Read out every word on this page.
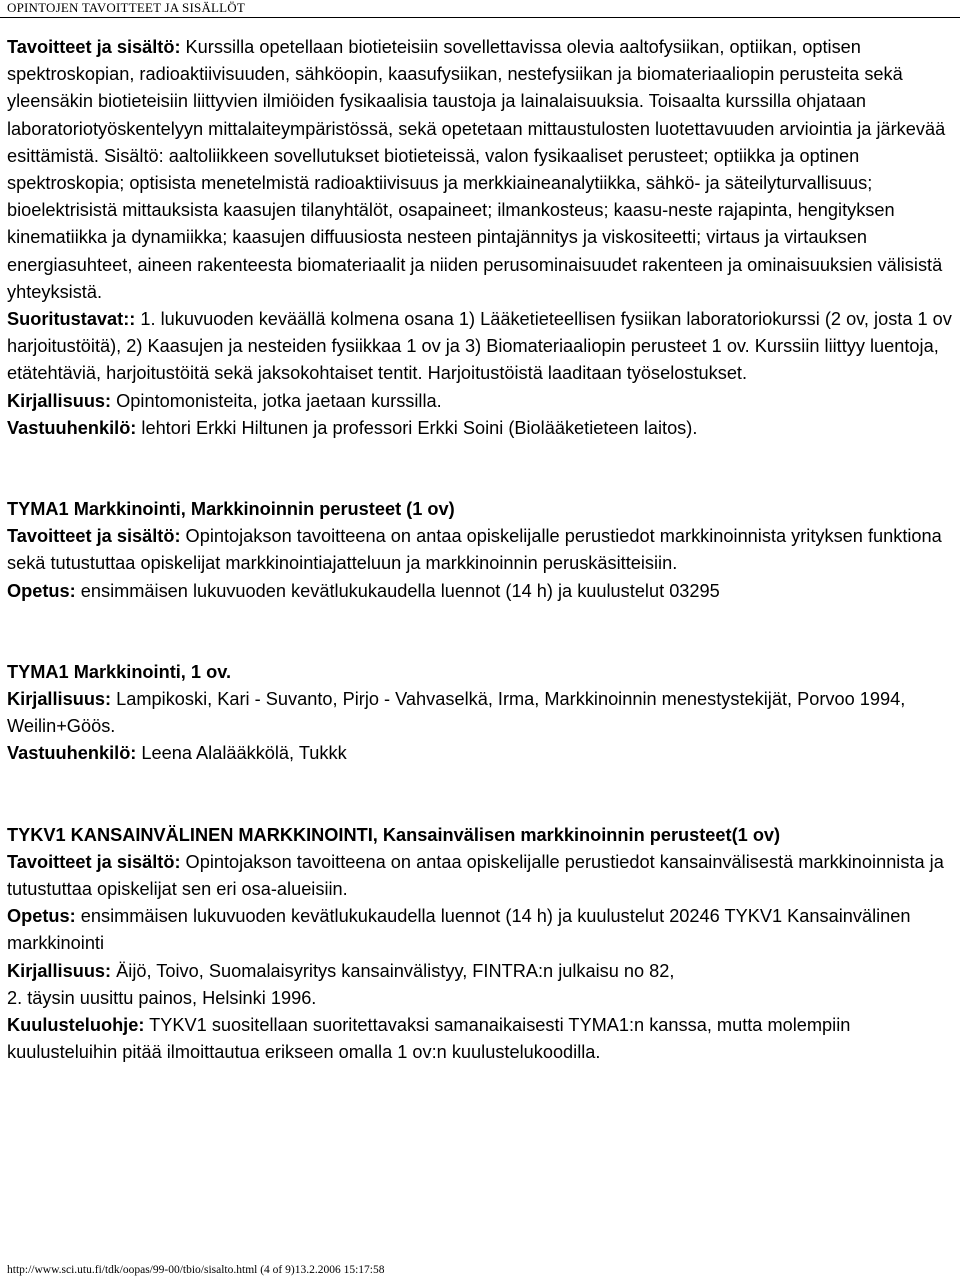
OPINTOJEN TAVOITTEET JA SISÄLLÖT

Tavoitteet ja sisältö: Kurssilla opetellaan biotieteisiin sovellettavissa olevia aaltofysiikan, optiikan, optisen spektroskopian, radioaktiivisuuden, sähköopin, kaasufysiikan, nestefysiikan ja biomateriaaliopin perusteita sekä yleensäkin biotieteisiin liittyvien ilmiöiden fysikaalisia taustoja ja lainalaisuuksia. Toisaalta kurssilla ohjataan laboratoriotyöskentelyyn mittalaiteympäristössä, sekä opetetaan mittaustulosten luotettavuuden arviointia ja järkevää esittämistä. Sisältö: aaltoliikkeen sovellutukset biotieteissä, valon fysikaaliset perusteet; optiikka ja optinen spektroskopia; optisista menetelmistä radioaktiivisuus ja merkkiaineanalytiikka, sähkö- ja säteilyturvallisuus; bioelektrisistä mittauksista kaasujen tilanyhtälöt, osapaineet; ilmankosteus; kaasu-neste rajapinta, hengityksen kinematiikka ja dynamiikka; kaasujen diffuusiosta nesteen pintajännitys ja viskositeetti; virtaus ja virtauksen energiasuhteet, aineen rakenteesta biomateriaalit ja niiden perusominaisuudet rakenteen ja ominaisuuksien välisistä yhteyksistä.

Suoritustavat:: 1. lukuvuoden keväällä kolmena osana 1) Lääketieteellisen fysiikan laboratoriokurssi (2 ov, josta 1 ov harjoitustöitä), 2) Kaasujen ja nesteiden fysiikkaa 1 ov ja 3) Biomateriaaliopin perusteet 1 ov. Kurssiin liittyy luentoja, etätehtäviä, harjoitustöitä sekä jaksokohtaiset tentit. Harjoitustöistä laaditaan työselostukset.

Kirjallisuus: Opintomonisteita, jotka jaetaan kurssilla.

Vastuuhenkilö: lehtori Erkki Hiltunen ja professori Erkki Soini (Biolääketieteen laitos).

TYMA1 Markkinointi, Markkinoinnin perusteet (1 ov)

Tavoitteet ja sisältö: Opintojakson tavoitteena on antaa opiskelijalle perustiedot markkinoinnista yrityksen funktiona sekä tutustuttaa opiskelijat markkinointiajatteluun ja markkinoinnin peruskäsitteisiin.

Opetus: ensimmäisen lukuvuoden kevätlukukaudella luennot (14 h) ja kuulustelut 03295

TYMA1 Markkinointi, 1 ov.

Kirjallisuus: Lampikoski, Kari - Suvanto, Pirjo - Vahvaselkä, Irma, Markkinoinnin menestystekijät, Porvoo 1994, Weilin+Göös.

Vastuuhenkilö: Leena Alalääkkölä, Tukkk

TYKV1 KANSAINVÄLINEN MARKKINOINTI, Kansainvälisen markkinoinnin perusteet(1 ov)

Tavoitteet ja sisältö: Opintojakson tavoitteena on antaa opiskelijalle perustiedot kansainvälisestä markkinoinnista ja tutustuttaa opiskelijat sen eri osa-alueisiin.

Opetus: ensimmäisen lukuvuoden kevätlukukaudella luennot (14 h) ja kuulustelut 20246 TYKV1 Kansainvälinen markkinointi

Kirjallisuus: Äijö, Toivo, Suomalaisyritys kansainvälistyy, FINTRA:n julkaisu no 82,

2. täysin uusittu painos, Helsinki 1996.

Kuulusteluohje: TYKV1 suositellaan suoritettavaksi samanaikaisesti TYMA1:n kanssa, mutta molempiin kuulusteluihin pitää ilmoittautua erikseen omalla 1 ov:n kuulustelukoodilla.

http://www.sci.utu.fi/tdk/oopas/99-00/tbio/sisalto.html (4 of 9)13.2.2006 15:17:58
